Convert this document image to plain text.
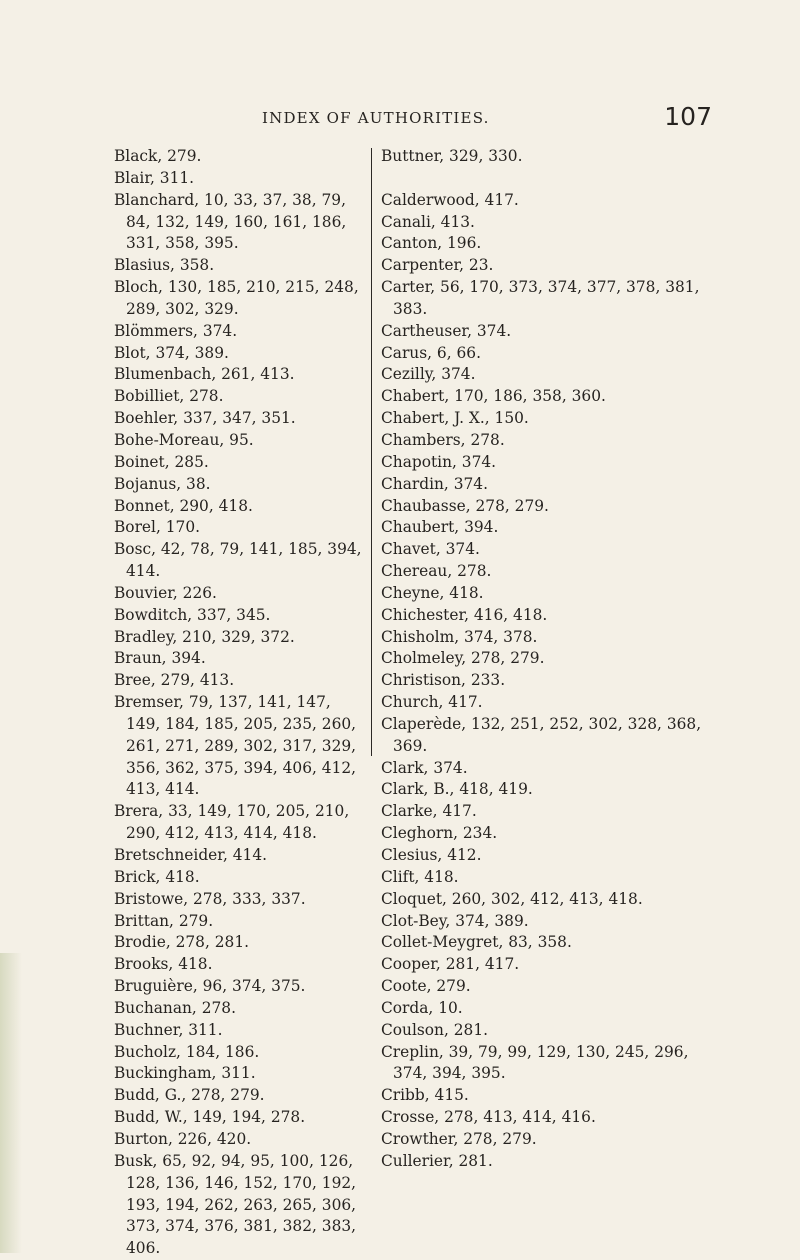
INDEX OF AUTHORITIES.	107
Black, 279.
Blair, 311.
Blanchard, 10, 33, 37, 38, 79, 84, 132, 149, 160, 161, 186, 331, 358, 395.
Blasius, 358.
Bloch, 130, 185, 210, 215, 248, 289, 302, 329.
Blömmers, 374.
Blot, 374, 389.
Blumenbach, 261, 413.
Bobilliet, 278.
Boehler, 337, 347, 351.
Bohe-Moreau, 95.
Boinet, 285.
Bojanus, 38.
Bonnet, 290, 418.
Borel, 170.
Bosc, 42, 78, 79, 141, 185, 394, 414.
Bouvier, 226.
Bowditch, 337, 345.
Bradley, 210, 329, 372.
Braun, 394.
Bree, 279, 413.
Bremser, 79, 137, 141, 147, 149, 184, 185, 205, 235, 260, 261, 271, 289, 302, 317, 329, 356, 362, 375, 394, 406, 412, 413, 414.
Brera, 33, 149, 170, 205, 210, 290, 412, 413, 414, 418.
Bretschneider, 414.
Brick, 418.
Bristowe, 278, 333, 337.
Brittan, 279.
Brodie, 278, 281.
Brooks, 418.
Bruguière, 96, 374, 375.
Buchanan, 278.
Buchner, 311.
Bucholz, 184, 186.
Buckingham, 311.
Budd, G., 278, 279.
Budd, W., 149, 194, 278.
Burton, 226, 420.
Busk, 65, 92, 94, 95, 100, 126, 128, 136, 146, 152, 170, 192, 193, 194, 262, 263, 265, 306, 373, 374, 376, 381, 382, 383, 406.
Buttner, 329, 330.
Calderwood, 417.
Canali, 413.
Canton, 196.
Carpenter, 23.
Carter, 56, 170, 373, 374, 377, 378, 381, 383.
Cartheuser, 374.
Carus, 6, 66.
Cezilly, 374.
Chabert, 170, 186, 358, 360.
Chabert, J. X., 150.
Chambers, 278.
Chapotin, 374.
Chardin, 374.
Chaubasse, 278, 279.
Chaubert, 394.
Chavet, 374.
Chereau, 278.
Cheyne, 418.
Chichester, 416, 418.
Chisholm, 374, 378.
Cholmeley, 278, 279.
Christison, 233.
Church, 417.
Claperède, 132, 251, 252, 302, 328, 368, 369.
Clark, 374.
Clark, B., 418, 419.
Clarke, 417.
Cleghorn, 234.
Clesius, 412.
Clift, 418.
Cloquet, 260, 302, 412, 413, 418.
Clot-Bey, 374, 389.
Collet-Meygret, 83, 358.
Cooper, 281, 417.
Coote, 279.
Corda, 10.
Coulson, 281.
Creplin, 39, 79, 99, 129, 130, 245, 296, 374, 394, 395.
Cribb, 415.
Crosse, 278, 413, 414, 416.
Crowther, 278, 279.
Cullerier, 281.
